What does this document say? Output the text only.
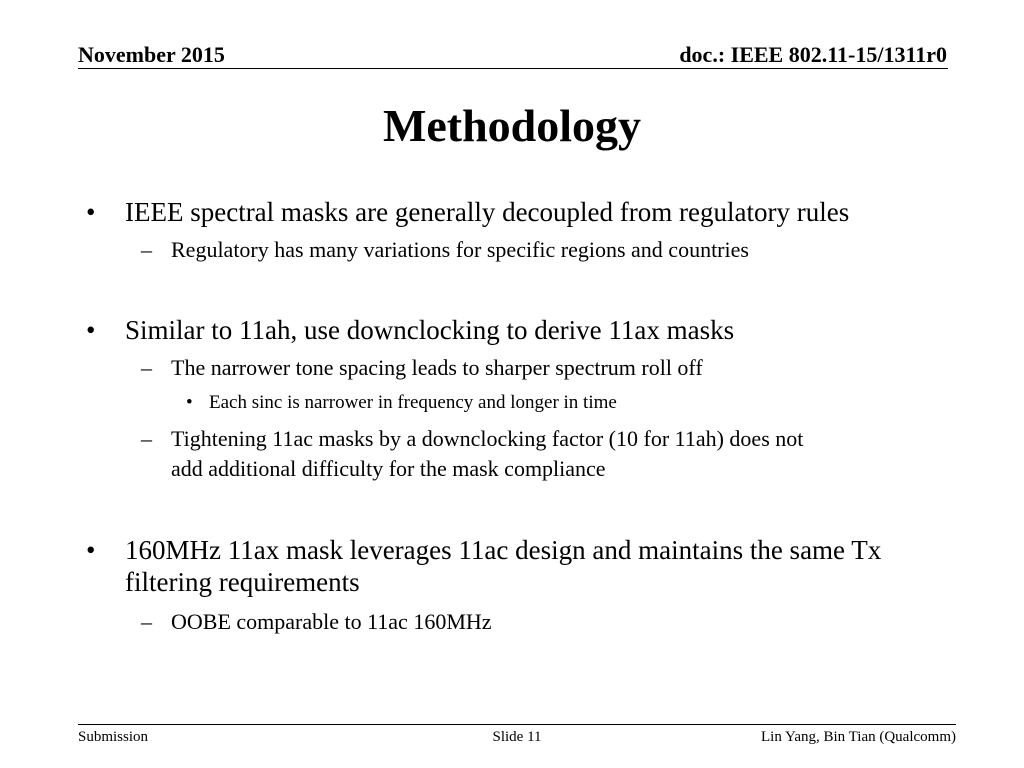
November 2015	doc.: IEEE 802.11-15/1311r0
Methodology
• IEEE spectral masks are generally decoupled from regulatory rules
– Regulatory has many variations for specific regions and countries
• Similar to 11ah, use downclocking to derive 11ax masks
– The narrower tone spacing leads to sharper spectrum roll off
• Each sinc is narrower in frequency and longer in time
– Tightening 11ac masks by a downclocking factor (10 for 11ah) does not
add additional difficulty for the mask compliance
• 160MHz 11ax mask leverages 11ac design and maintains the same Tx
filtering requirements
– OOBE comparable to 11ac 160MHz
Submission	Slide 11	Lin Yang, Bin Tian (Qualcomm)
